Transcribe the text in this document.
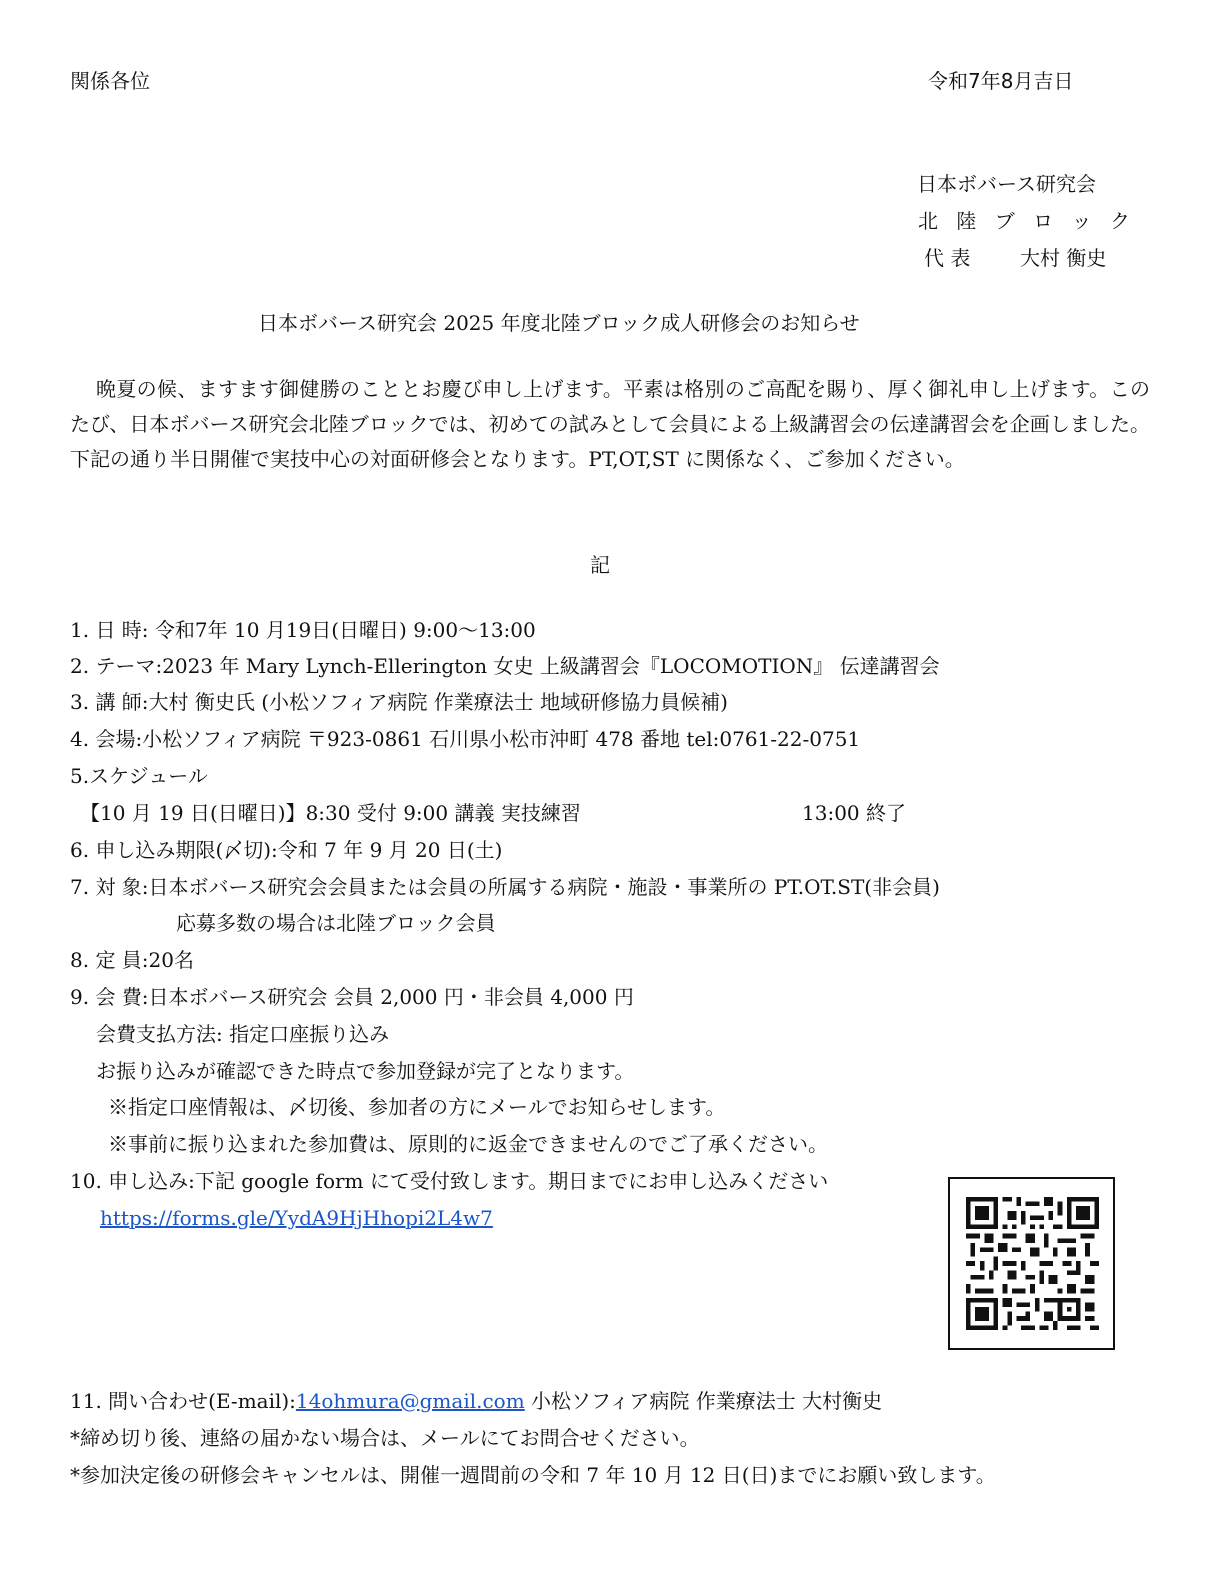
関係各位	令和7年8月吉日
日本ボバース研究会
北 陸 ブ ロ ッ ク
代 表 大村 衡史
日本ボバース研究会 2025 年度北陸ブロック成人研修会のお知らせ

晩夏の候、ますます御健勝のこととお慶び申し上げます。平素は格別のご高配を賜り、厚く御礼申し上げます。このたび、日本ボバース研究会北陸ブロックでは、初めての試みとして会員による上級講習会の伝達講習会を企画しました。下記の通り半日開催で実技中心の対面研修会となります。PT,OT,ST に関係なく、ご参加ください。

記
1. 日 時: 令和7年 10 月19日(日曜日) 9:00〜13:00
2. テーマ:2023 年 Mary Lynch-Ellerington 女史 上級講習会『LOCOMOTION』 伝達講習会
3. 講 師:大村 衡史氏 (小松ソフィア病院 作業療法士 地域研修協力員候補)
4. 会場:小松ソフィア病院 〒923-0861 石川県小松市沖町 478 番地 tel:0761-22-0751
5.スケジュール
【10 月 19 日(日曜日)】8:30 受付 9:00 講義 実技練習	13:00 終了
6. 申し込み期限(〆切):令和 7 年 9 月 20 日(土)
7. 対 象:日本ボバース研究会会員または会員の所属する病院・施設・事業所の PT.OT.ST(非会員)
応募多数の場合は北陸ブロック会員
8. 定 員:20名
9. 会 費:日本ボバース研究会 会員 2,000 円・非会員 4,000 円
会費支払方法: 指定口座振り込み
お振り込みが確認できた時点で参加登録が完了となります。
※指定口座情報は、〆切後、参加者の方にメールでお知らせします。
※事前に振り込まれた参加費は、原則的に返金できませんのでご了承ください。
10. 申し込み:下記 google form にて受付致します。期日までにお申し込みください
https://forms.gle/YydA9HjHhopi2L4w7
11. 問い合わせ(E-mail):14ohmura@gmail.com 小松ソフィア病院 作業療法士 大村衡史
*締め切り後、連絡の届かない場合は、メールにてお問合せください。
*参加決定後の研修会キャンセルは、開催一週間前の令和 7 年 10 月 12 日(日)までにお願い致します。
